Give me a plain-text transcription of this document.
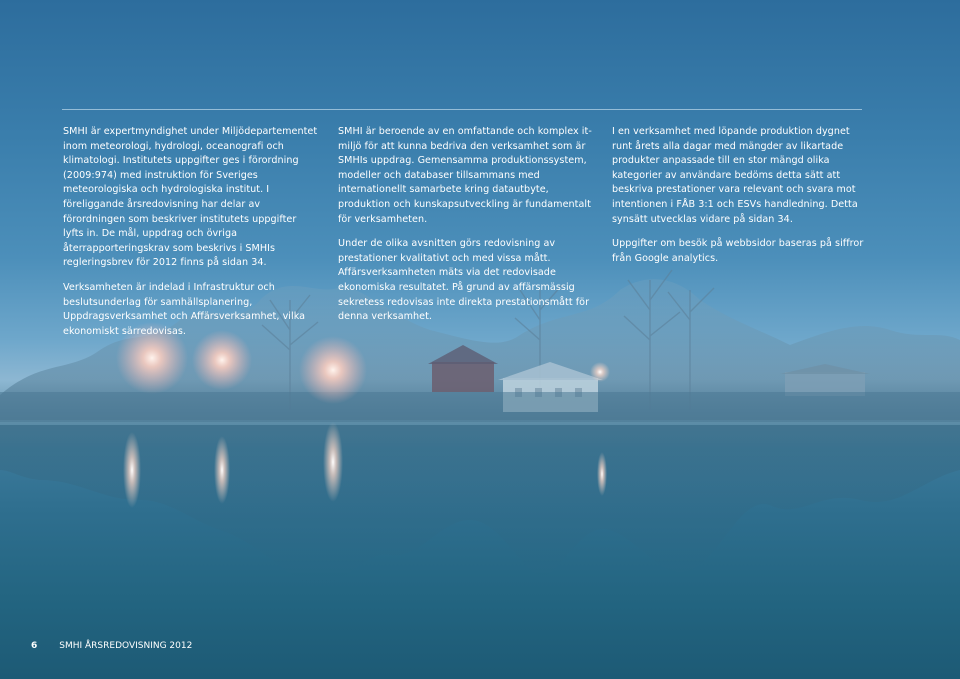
SMHI är expertmyndighet under Miljödepartementet inom meteorologi, hydrologi, oceanografi och klimatologi. Institutets uppgifter ges i förordning (2009:974) med instruktion för Sveriges meteorologiska och hydrologiska institut. I föreliggande årsredovisning har delar av förordningen som beskriver institutets uppgifter lyfts in. De mål, uppdrag och övriga återrapporteringskrav som beskrivs i SMHIs regleringsbrev för 2012 finns på sidan 34.

Verksamheten är indelad i Infrastruktur och beslutsunderlag för samhällsplanering, Uppdragsverksamhet och Affärsverksamhet, vilka ekonomiskt särredovisas.

SMHI är beroende av en omfattande och komplex it-miljö för att kunna bedriva den verksamhet som är SMHIs uppdrag. Gemensamma produktionssystem, modeller och databaser tillsammans med internationellt samarbete kring datautbyte, produktion och kunskapsutveckling är fundamentalt för verksamheten.

Under de olika avsnitten görs redovisning av prestationer kvalitativt och med vissa mått. Affärsverksamheten mäts via det redovisade ekonomiska resultatet. På grund av affärsmässig sekretess redovisas inte direkta prestationsmått för denna verksamhet.

I en verksamhet med löpande produktion dygnet runt årets alla dagar med mängder av likartade produkter anpassade till en stor mängd olika kategorier av användare bedöms detta sätt att beskriva prestationer vara relevant och svara mot intentionen i FÅB 3:1 och ESVs handledning. Detta synsätt utvecklas vidare på sidan 34.

Uppgifter om besök på webbsidor baseras på siffror från Google analytics.

6 SMHI ÅRSREDOVISNING 2012
